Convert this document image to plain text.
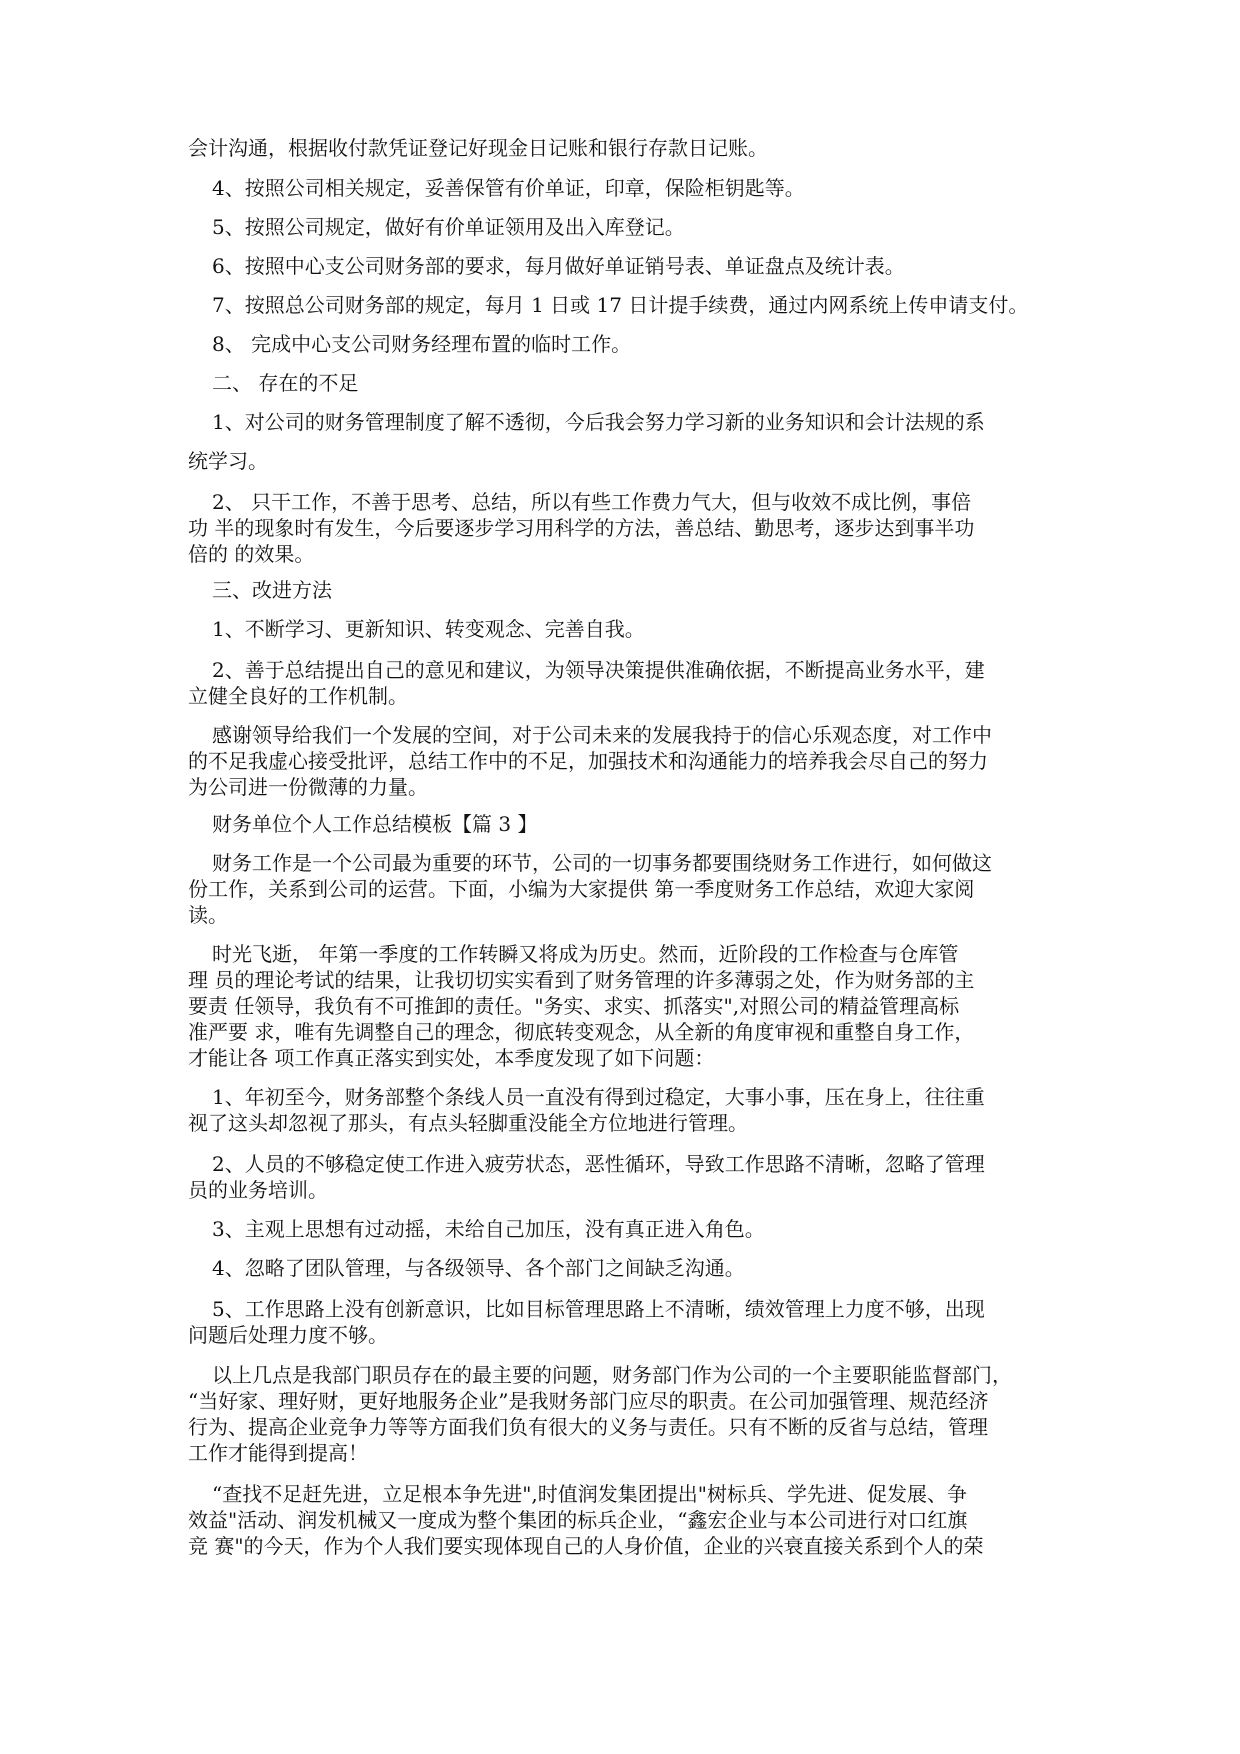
会计沟通，根据收付款凭证登记好现金日记账和银行存款日记账。
4、按照公司相关规定，妥善保管有价单证，印章，保险柜钥匙等。
5、按照公司规定，做好有价单证领用及出入库登记。
6、按照中心支公司财务部的要求，每月做好单证销号表、单证盘点及统计表。
7、按照总公司财务部的规定，每月 1 日或 17 日计提手续费，通过内网系统上传申请支付。
8、 完成中心支公司财务经理布置的临时工作。
二、 存在的不足
1、对公司的财务管理制度了解不透彻，今后我会努力学习新的业务知识和会计法规的系
统学习。
2、 只干工作，不善于思考、总结，所以有些工作费力气大，但与收效不成比例，事倍
功 半的现象时有发生，今后要逐步学习用科学的方法，善总结、勤思考，逐步达到事半功
倍的 的效果。
三、改进方法
1、不断学习、更新知识、转变观念、完善自我。
2、善于总结提出自己的意见和建议，为领导决策提供准确依据，不断提高业务水平，建
立健全良好的工作机制。
感谢领导给我们一个发展的空间，对于公司未来的发展我持于的信心乐观态度，对工作中
的不足我虚心接受批评，总结工作中的不足，加强技术和沟通能力的培养我会尽自己的努力
为公司进一份微薄的力量。
财务单位个人工作总结模板【篇 3 】
财务工作是一个公司最为重要的环节，公司的一切事务都要围绕财务工作进行，如何做这
份工作，关系到公司的运营。下面，小编为大家提供 第一季度财务工作总结，欢迎大家阅
读。
时光飞逝， 年第一季度的工作转瞬又将成为历史。然而，近阶段的工作检查与仓库管
理 员的理论考试的结果，让我切切实实看到了财务管理的许多薄弱之处，作为财务部的主
要责 任领导，我负有不可推卸的责任。"务实、求实、抓落实",对照公司的精益管理高标
准严要 求，唯有先调整自己的理念，彻底转变观念，从全新的角度审视和重整自身工作，
才能让各 项工作真正落实到实处，本季度发现了如下问题：
1、年初至今，财务部整个条线人员一直没有得到过稳定，大事小事，压在身上，往往重
视了这头却忽视了那头，有点头轻脚重没能全方位地进行管理。
2、人员的不够稳定使工作进入疲劳状态，恶性循环，导致工作思路不清晰，忽略了管理
员的业务培训。
3、主观上思想有过动摇，未给自己加压，没有真正进入角色。
4、忽略了团队管理，与各级领导、各个部门之间缺乏沟通。
5、工作思路上没有创新意识，比如目标管理思路上不清晰，绩效管理上力度不够，出现
问题后处理力度不够。
以上几点是我部门职员存在的最主要的问题，财务部门作为公司的一个主要职能监督部门，
“当好家、理好财，更好地服务企业”是我财务部门应尽的职责。在公司加强管理、规范经济
行为、提高企业竞争力等等方面我们负有很大的义务与责任。只有不断的反省与总结，管理
工作才能得到提高！
“查找不足赶先进，立足根本争先进",时值润发集团提出"树标兵、学先进、促发展、争
效益"活动、润发机械又一度成为整个集团的标兵企业，“鑫宏企业与本公司进行对口红旗
竞 赛"的今天，作为个人我们要实现体现自己的人身价值，企业的兴衰直接关系到个人的荣
